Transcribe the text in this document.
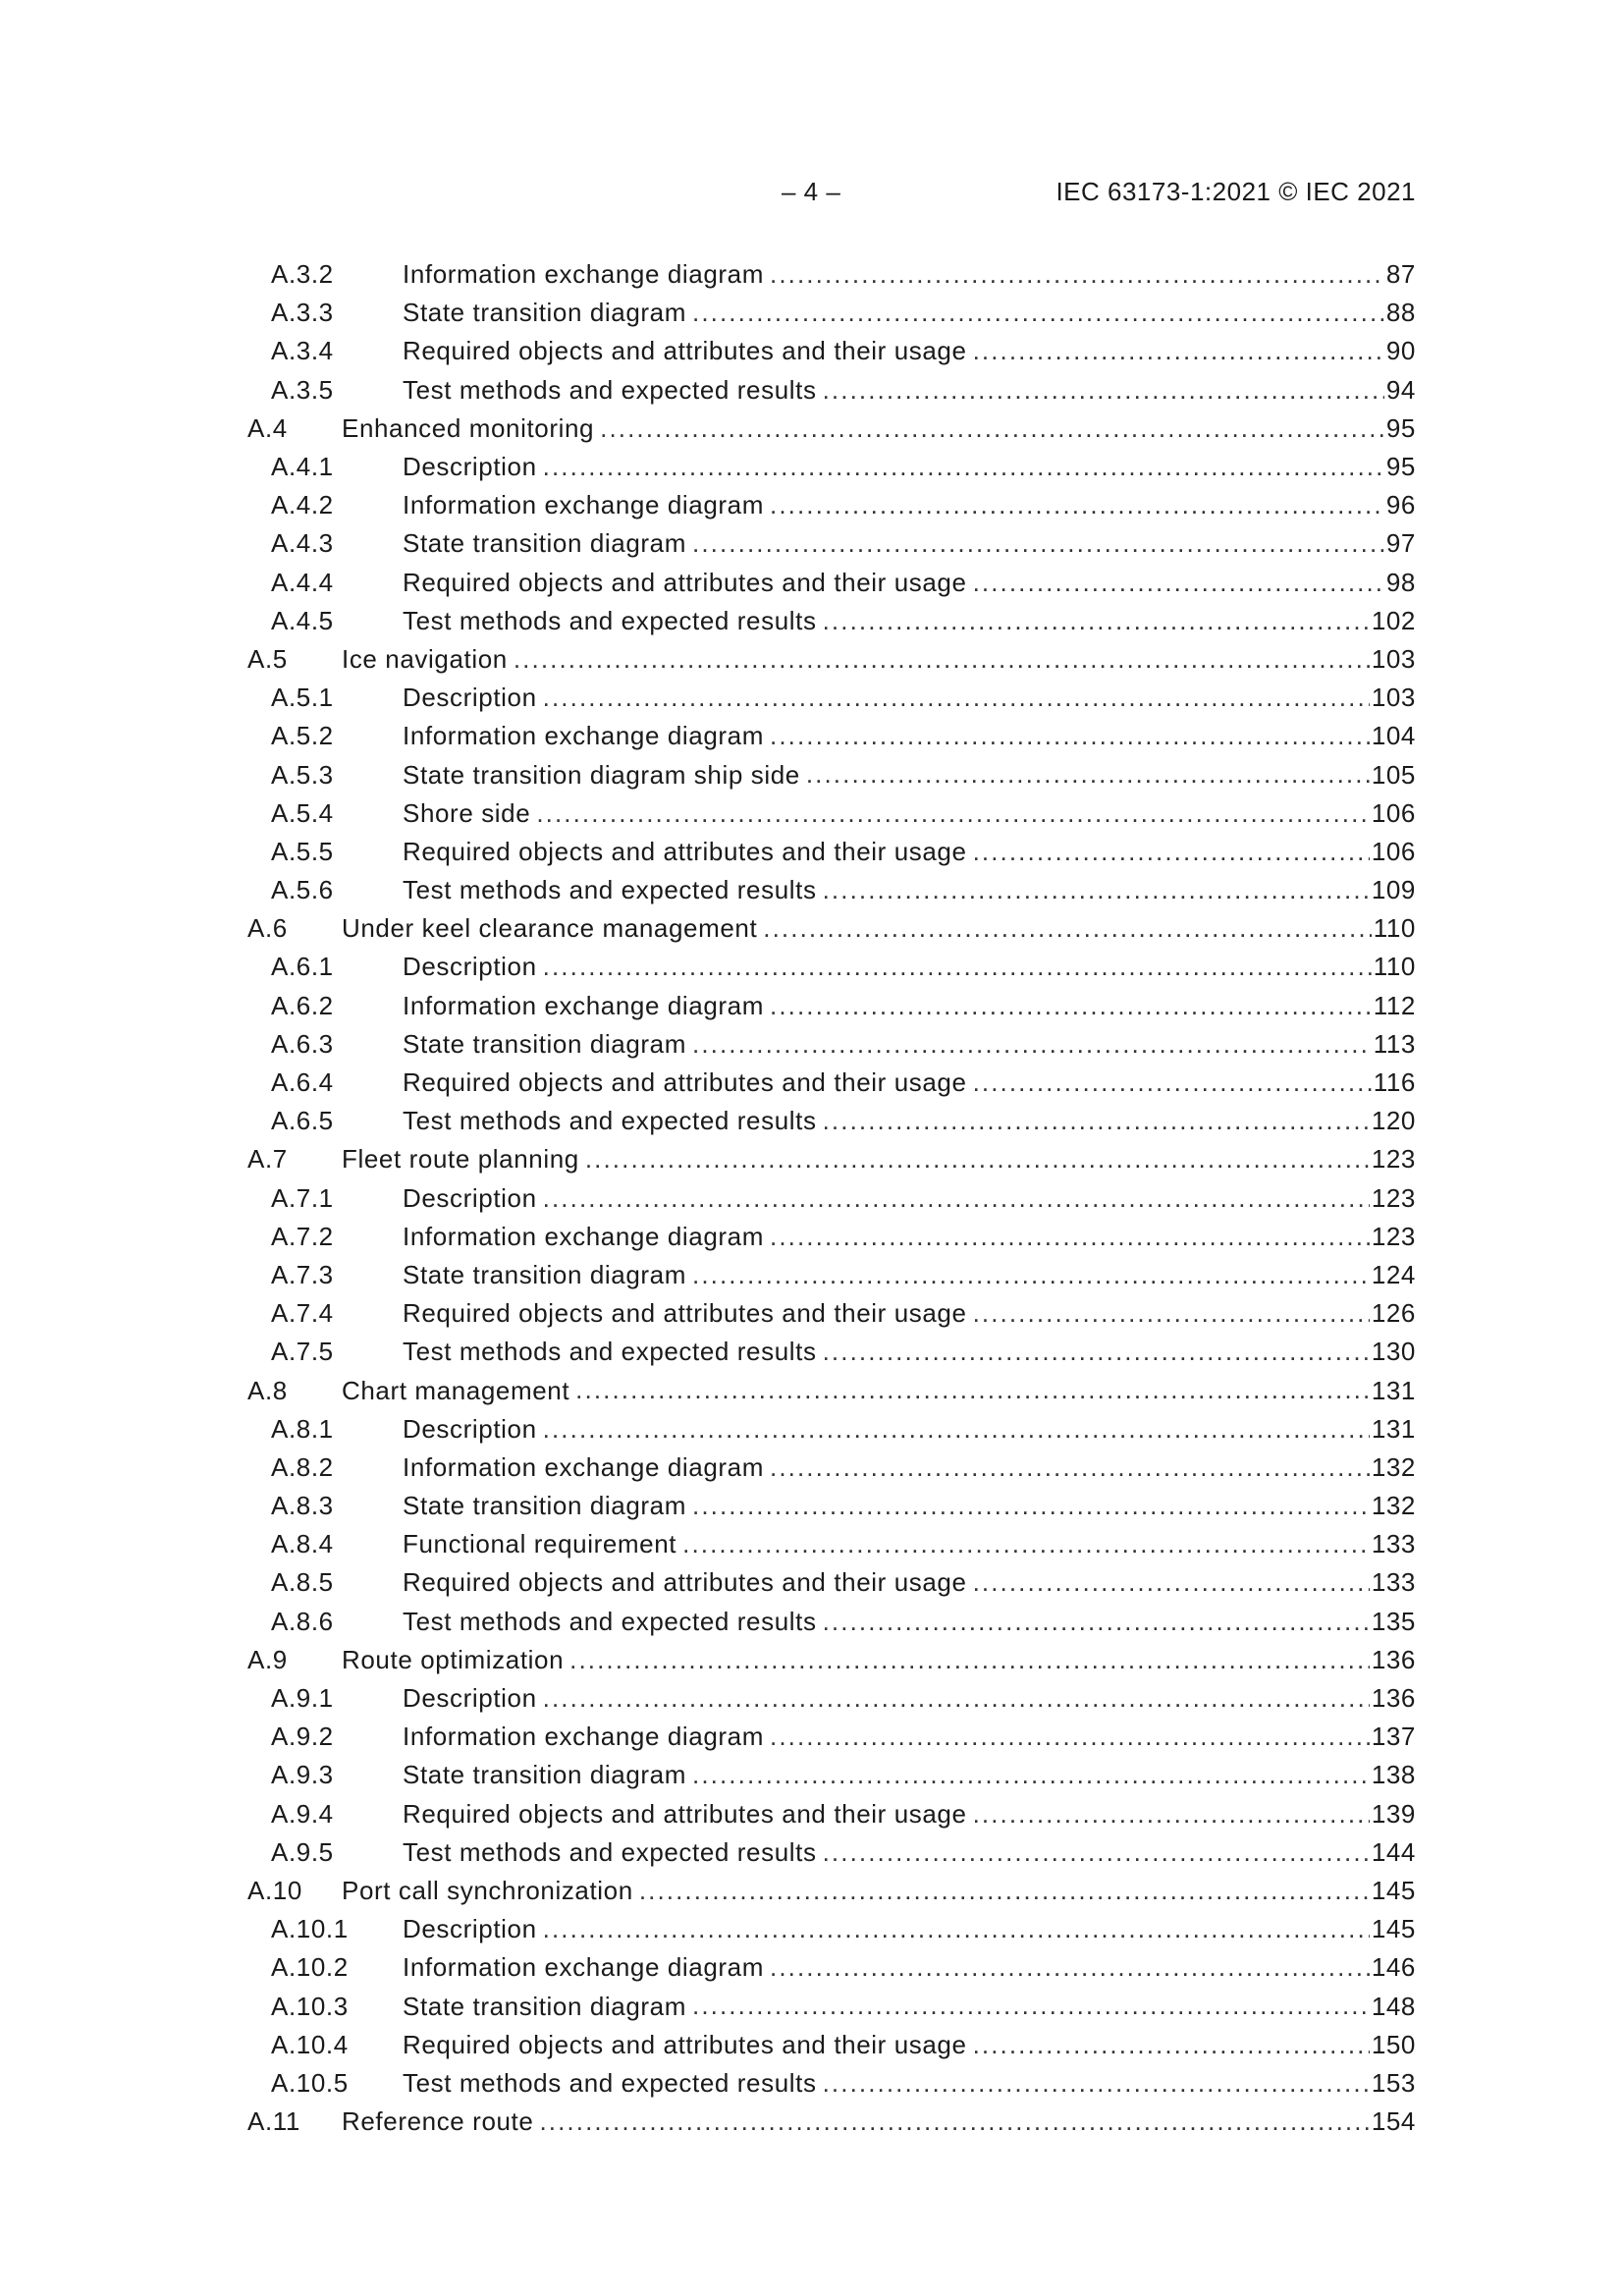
– 4 –	IEC 63173-1:2021 © IEC 2021
A.3.2	Information exchange diagram .....	87
A.3.3	State transition diagram .....	88
A.3.4	Required objects and attributes and their usage .....	90
A.3.5	Test methods and expected results .....	94
A.4 Enhanced monitoring .....	95
A.4.1	Description .....	95
A.4.2	Information exchange diagram .....	96
A.4.3	State transition diagram .....	97
A.4.4	Required objects and attributes and their usage .....	98
A.4.5	Test methods and expected results .....	102
A.5 Ice navigation .....	103
A.5.1	Description .....	103
A.5.2	Information exchange diagram .....	104
A.5.3	State transition diagram ship side .....	105
A.5.4	Shore side .....	106
A.5.5	Required objects and attributes and their usage .....	106
A.5.6	Test methods and expected results .....	109
A.6 Under keel clearance management .....	110
A.6.1	Description .....	110
A.6.2	Information exchange diagram .....	112
A.6.3	State transition diagram .....	113
A.6.4	Required objects and attributes and their usage .....	116
A.6.5	Test methods and expected results .....	120
A.7 Fleet route planning .....	123
A.7.1	Description .....	123
A.7.2	Information exchange diagram .....	123
A.7.3	State transition diagram .....	124
A.7.4	Required objects and attributes and their usage .....	126
A.7.5	Test methods and expected results .....	130
A.8 Chart management .....	131
A.8.1	Description .....	131
A.8.2	Information exchange diagram .....	132
A.8.3	State transition diagram .....	132
A.8.4	Functional requirement .....	133
A.8.5	Required objects and attributes and their usage .....	133
A.8.6	Test methods and expected results .....	135
A.9 Route optimization .....	136
A.9.1	Description .....	136
A.9.2	Information exchange diagram .....	137
A.9.3	State transition diagram .....	138
A.9.4	Required objects and attributes and their usage .....	139
A.9.5	Test methods and expected results .....	144
A.10 Port call synchronization .....	145
A.10.1 Description .....	145
A.10.2 Information exchange diagram .....	146
A.10.3 State transition diagram .....	148
A.10.4 Required objects and attributes and their usage .....	150
A.10.5 Test methods and expected results .....	153
A.11 Reference route .....	154
